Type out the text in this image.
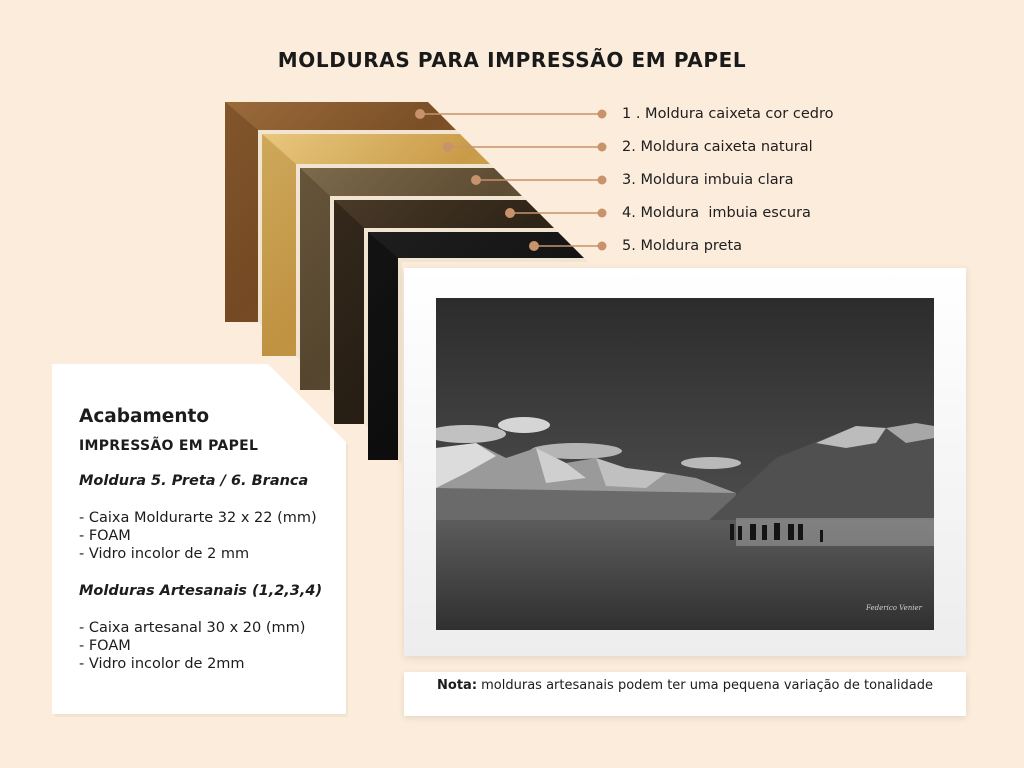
MOLDURAS PARA IMPRESSÃO EM PAPEL
1 . Moldura caixeta cor cedro
2. Moldura caixeta natural
3. Moldura imbuia clara
4. Moldura  imbuia escura
5. Moldura preta
Federico Venier
Acabamento
IMPRESSÃO EM PAPEL
Moldura 5. Preta / 6. Branca
- Caixa Moldurarte 32 x 22 (mm)
- FOAM
- Vidro incolor de 2 mm
Molduras Artesanais (1,2,3,4)
- Caixa artesanal 30 x 20 (mm)
- FOAM
- Vidro incolor de 2mm
Nota: molduras artesanais podem ter uma pequena variação de tonalidade
